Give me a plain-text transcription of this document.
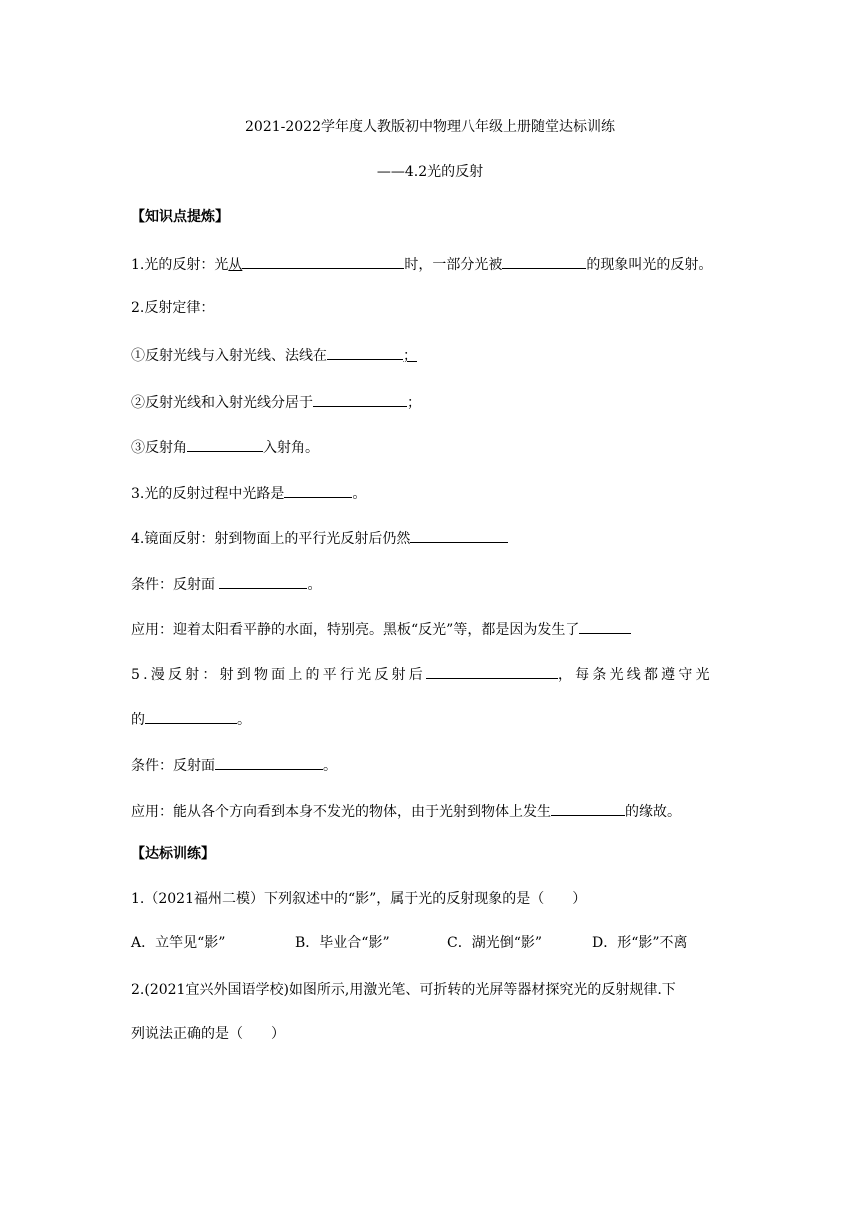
2021-2022学年度人教版初中物理八年级上册随堂达标训练
——4.2光的反射
【知识点提炼】
1.光的反射：光从	时，一部分光被	的现象叫光的反射。
2.反射定律：
①反射光线与入射光线、法线在	；
②反射光线和入射光线分居于	；
③反射角	入射角。
3.光的反射过程中光路是	。
4.镜面反射：射到物面上的平行光反射后仍然
条件：反射面	。
应用：迎着太阳看平静的水面，特别亮。黑板“反光”等，都是因为发生了
5.漫反射：射到物面上的平行光反射后	，每条光线都遵守光
的	。
条件：反射面	。
应用：能从各个方向看到本身不发光的物体，由于光射到物体上发生	的缘故。
【达标训练】
1.（2021福州二模）下列叙述中的“影”，属于光的反射现象的是（　　）
A．立竿见“影”	B．毕业合“影”	C．湖光倒“影”	D．形“影”不离
2.(2021宜兴外国语学校)如图所示,用激光笔、可折转的光屏等器材探究光的反射规律.下
列说法正确的是（　　）
